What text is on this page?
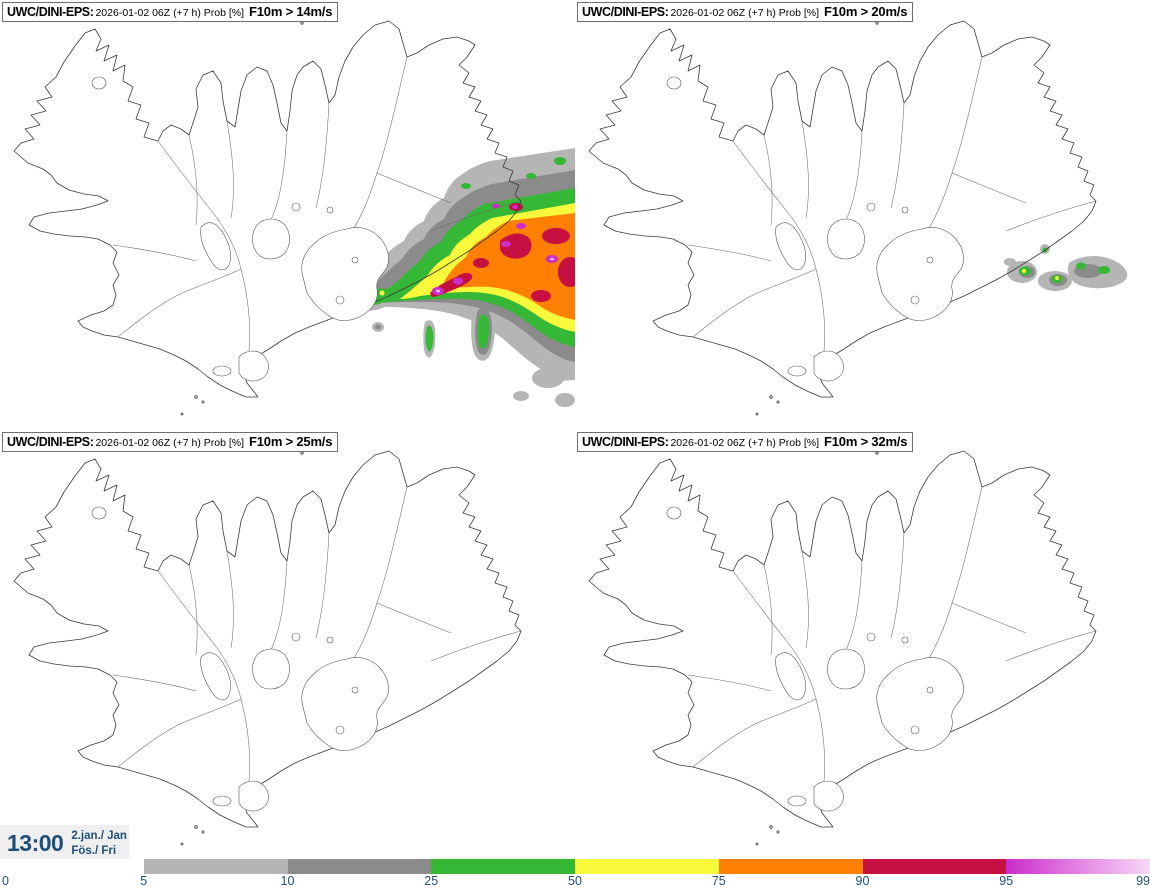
UWC/DINI-EPS: 2026-01-02 06Z (+7 h) Prob [%] F10m > 14m/s	UWC/DINI-EPS: 2026-01-02 06Z (+7 h) Prob [%] F10m > 20m/s
UWC/DINI-EPS: 2026-01-02 06Z (+7 h) Prob [%] F10m > 25m/s	UWC/DINI-EPS: 2026-01-02 06Z (+7 h) Prob [%] F10m > 32m/s
13:00 2.jan./ Jan
Fös./ Fri
0	5	10	25	50	75	90	95	99
